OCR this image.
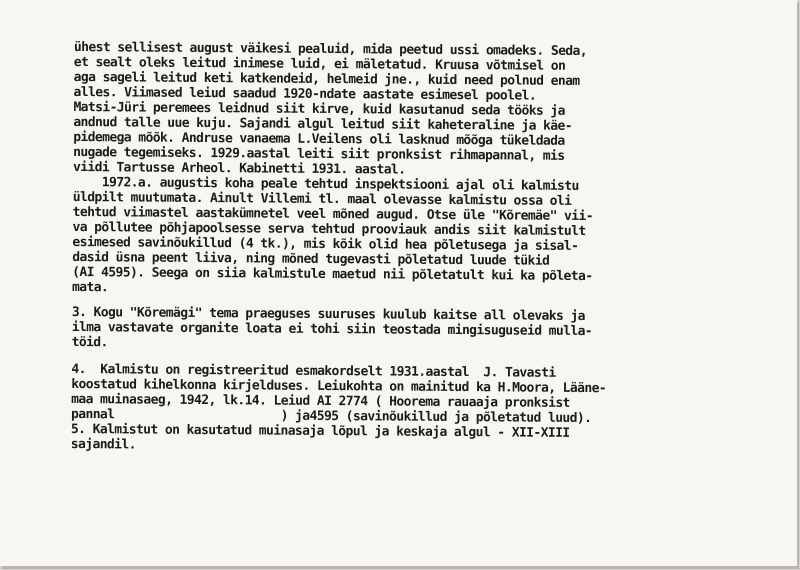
ühest sellisest august väikesi pealuid, mida peetud ussi omadeks. Seda,
et sealt oleks leitud inimese luid, ei mäletatud. Kruusa võtmisel on
aga sageli leitud keti katkendeid, helmeid jne., kuid need polnud enam
alles. Viimased leiud saadud 1920-ndate aastate esimesel poolel.
Matsi-Jüri peremees leidnud siit kirve, kuid kasutanud seda tööks ja
andnud talle uue kuju. Sajandi algul leitud siit kaheteraline ja käe-
pidemega mõõk. Andruse vanaema L.Veilens oli lasknud mõõga tükeldada
nugade tegemiseks. 1929.aastal leiti siit pronksist rihmapannal, mis
viidi Tartusse Arheol. Kabinetti 1931. aastal.
1972.a. augustis koha peale tehtud inspektsiooni ajal oli kalmistu
üldpilt muutumata. Ainult Villemi tl. maal olevasse kalmistu ossa oli
tehtud viimastel aastakümnetel veel mõned augud. Otse üle "Kõremäe" vii-
va põllutee põhjapoolsesse serva tehtud prooviauk andis siit kalmistult
esimesed savinõukillud (4 tk.), mis kõik olid hea põletusega ja sisal-
dasid üsna peent liiva, ning mõned tugevasti põletatud luude tükid
(AI 4595). Seega on siia kalmistule maetud nii põletatult kui ka põleta-
mata.
3. Kogu "Kõremägi" tema praeguses suuruses kuulub kaitse all olevaks ja
ilma vastavate organite loata ei tohi siin teostada mingisuguseid mulla-
töid.
4.  Kalmistu on registreeritud esmakordselt 1931.aastal  J. Tavasti
koostatud kihelkonna kirjelduses. Leiukohta on mainitud ka H.Moora, Lääne-
maa muinasaeg, 1942, lk.14. Leiud AI 2774 ( Hoorema rauaaja pronksist
pannal                       ) ja4595 (savinõukillud ja põletatud luud).
5. Kalmistut on kasutatud muinasaja lõpul ja keskaja algul - XII-XIII
sajandil.
